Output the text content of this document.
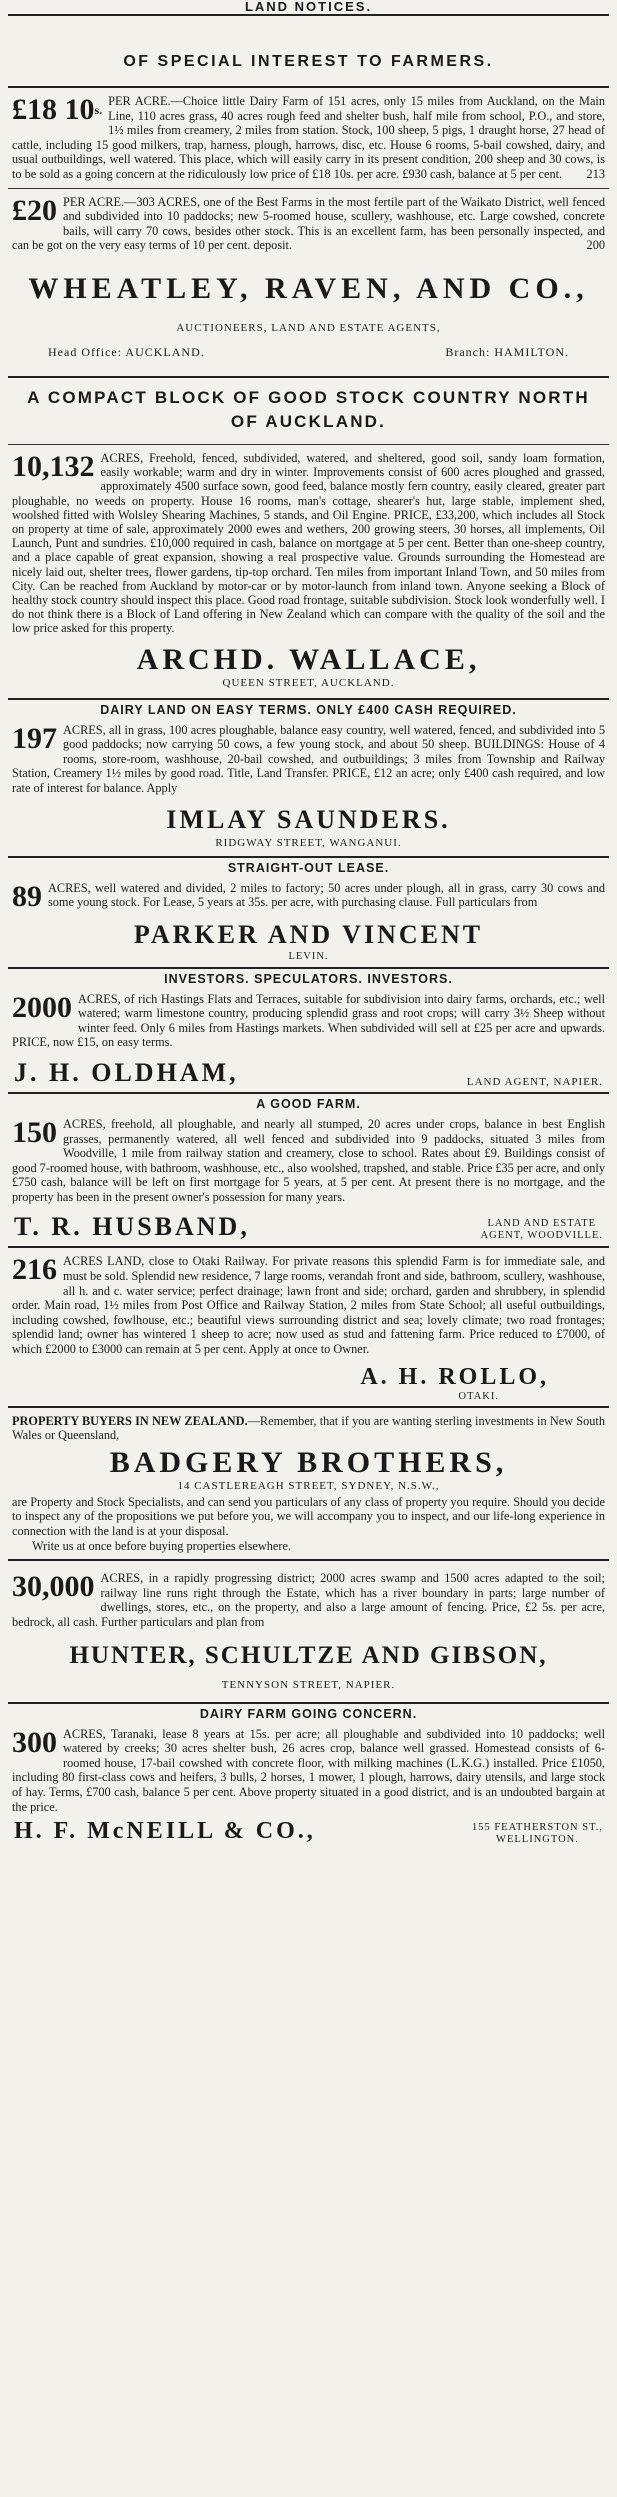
LAND NOTICES.
OF SPECIAL INTEREST TO FARMERS.
£18 $10^{s.}$
PER ACRE.—Choice little Dairy Farm of 151 acres, only 15 miles from Auckland, on the Main Line, 110 acres grass, 40 acres rough feed and shelter bush, half mile from school, P.O., and store, 1½ miles from creamery, 2 miles from station. Stock, 100 sheep, 5 pigs, 1 draught horse, 27 head of cattle, including 15 good milkers, trap, harness, plough, harrows, disc, etc. House 6 rooms, 5-bail cowshed, dairy, and usual outbuildings, well watered. This place, which will easily carry in its present condition, 200 sheep and 30 cows, is to be sold as a going concern at the ridiculously low price of £18 10s. per acre. £930 cash, balance at 5 per cent. 213
£20 PER ACRE.—303 ACRES, one of the Best Farms in the most fertile part of the Waikato District, well fenced and subdivided into 10 paddocks; new 5-roomed house, scullery, washhouse, etc. Large cowshed, concrete bails, will carry 70 cows, besides other stock. This is an excellent farm, has been personally inspected, and can be got on the very easy terms of 10 per cent. deposit.	200
WHEATLEY, RAVEN, AND CO.,
AUCTIONEERS, LAND AND ESTATE AGENTS,
Head Office: AUCKLAND.	Branch: HAMILTON.
A COMPACT BLOCK OF GOOD STOCK COUNTRY NORTH OF AUCKLAND.
10,132 ACRES, Freehold, fenced, subdivided, watered, and sheltered, good soil, sandy loam formation, easily workable; warm and dry in winter. Improvements consist of 600 acres ploughed and grassed, approximately 4500 surface sown, good feed, balance mostly fern country, easily cleared, greater part ploughable, no weeds on property. House 16 rooms, man's cottage, shearer's hut, large stable, implement shed, woolshed fitted with Wolsley Shearing Machines, 5 stands, and Oil Engine. PRICE, £33,200, which includes all Stock on property at time of sale, approximately 2000 ewes and wethers, 200 growing steers, 30 horses, all implements, Oil Launch, Punt and sundries. £10,000 required in cash, balance on mortgage at 5 per cent. Better than one-sheep country, and a place capable of great expansion, showing a real prospective value. Grounds surrounding the Homestead are nicely laid out, shelter trees, flower gardens, tip-top orchard. Ten miles from important Inland Town, and 50 miles from City. Can be reached from Auckland by motor-car or by motor-launch from inland town. Anyone seeking a Block of healthy stock country should inspect this place. Good road frontage, suitable subdivision. Stock look wonderfully well. I do not think there is a Block of Land offering in New Zealand which can compare with the quality of the soil and the low price asked for this property.
ARCHD. WALLACE,
QUEEN STREET, AUCKLAND.
DAIRY LAND ON EASY TERMS. ONLY £400 CASH REQUIRED.
197 ACRES, all in grass, 100 acres ploughable, balance easy country, well watered, fenced, and subdivided into 5 good paddocks; now carrying 50 cows, a few young stock, and about 50 sheep. BUILDINGS: House of 4 rooms, store-room, washhouse, 20-bail cowshed, and outbuildings; 3 miles from Township and Railway Station, Creamery 1½ miles by good road. Title, Land Transfer. PRICE, £12 an acre; only £400 cash required, and low rate of interest for balance. Apply
IMLAY SAUNDERS.
RIDGWAY STREET, WANGANUI.
STRAIGHT-OUT LEASE.
89 ACRES, well watered and divided, 2 miles to factory; 50 acres under plough, all in grass, carry 30 cows and some young stock. For Lease, 5 years at 35s. per acre, with purchasing clause. Full particulars from
PARKER AND VINCENT
LEVIN.
INVESTORS. SPECULATORS. INVESTORS.
2000 ACRES, of rich Hastings Flats and Terraces, suitable for subdivision into dairy farms, orchards, etc.; well watered; warm limestone country, producing splendid grass and root crops; will carry 3½ Sheep without winter feed. Only 6 miles from Hastings markets. When subdivided will sell at £25 per acre and upwards. PRICE, now £15, on easy terms.
J. H. OLDHAM,	LAND AGENT, NAPIER.
A GOOD FARM.
150 ACRES, freehold, all ploughable, and nearly all stumped, 20 acres under crops, balance in best English grasses, permanently watered, all well fenced and subdivided into 9 paddocks, situated 3 miles from Woodville, 1 mile from railway station and creamery, close to school. Rates about £9. Buildings consist of good 7-roomed house, with bathroom, washhouse, etc., also woolshed, trapshed, and stable. Price £35 per acre, and only £750 cash, balance will be left on first mortgage for 5 years, at 5 per cent. At present there is no mortgage, and the property has been in the present owner's possession for many years.
T. R. HUSBAND,	LAND AND ESTATE
AGENT, WOODVILLE.
216 ACRES LAND, close to Otaki Railway. For private reasons this splendid Farm is for immediate sale, and must be sold. Splendid new residence, 7 large rooms, verandah front and side, bathroom, scullery, washhouse, all h. and c. water service; perfect drainage; lawn front and side; orchard, garden and shrubbery, in splendid order. Main road, 1½ miles from Post Office and Railway Station, 2 miles from State School; all useful outbuildings, including cowshed, fowlhouse, etc.; beautiful views surrounding district and sea; lovely climate; two road frontages; splendid land; owner has wintered 1 sheep to acre; now used as stud and fattening farm. Price reduced to £7000, of which £2000 to £3000 can remain at 5 per cent. Apply at once to Owner.
A. H. ROLLO,
OTAKI.
PROPERTY BUYERS IN NEW ZEALAND.—Remember, that if you are wanting sterling investments in New South Wales or Queensland,
BADGERY BROTHERS,
14 CASTLEREAGH STREET, SYDNEY, N.S.W.,
are Property and Stock Specialists, and can send you particulars of any class of property you require. Should you decide to inspect any of the propositions we put before you, we will accompany you to inspect, and our life-long experience in connection with the land is at your disposal.
Write us at once before buying properties elsewhere.
30,000 ACRES, in a rapidly progressing district; 2000 acres swamp and 1500 acres adapted to the soil; railway line runs right through the Estate, which has a river boundary in parts; large number of dwellings, stores, etc., on the property, and also a large amount of fencing. Price, £2 5s. per acre, bedrock, all cash. Further particulars and plan from
HUNTER, SCHULTZE AND GIBSON,
TENNYSON STREET, NAPIER.
DAIRY FARM GOING CONCERN.
300 ACRES, Taranaki, lease 8 years at 15s. per acre; all ploughable and subdivided into 10 paddocks; well watered by creeks; 30 acres shelter bush, 26 acres crop, balance well grassed. Homestead consists of 6-roomed house, 17-bail cowshed with concrete floor, with milking machines (L.K.G.) installed. Price £1050, including 80 first-class cows and heifers, 3 bulls, 2 horses, 1 mower, 1 plough, harrows, dairy utensils, and large stock of hay. Terms, £700 cash, balance 5 per cent. Above property situated in a good district, and is an undoubted bargain at the price.
H. F. McNEILL & CO.,	155 FEATHERSTON ST.,
WELLINGTON.
